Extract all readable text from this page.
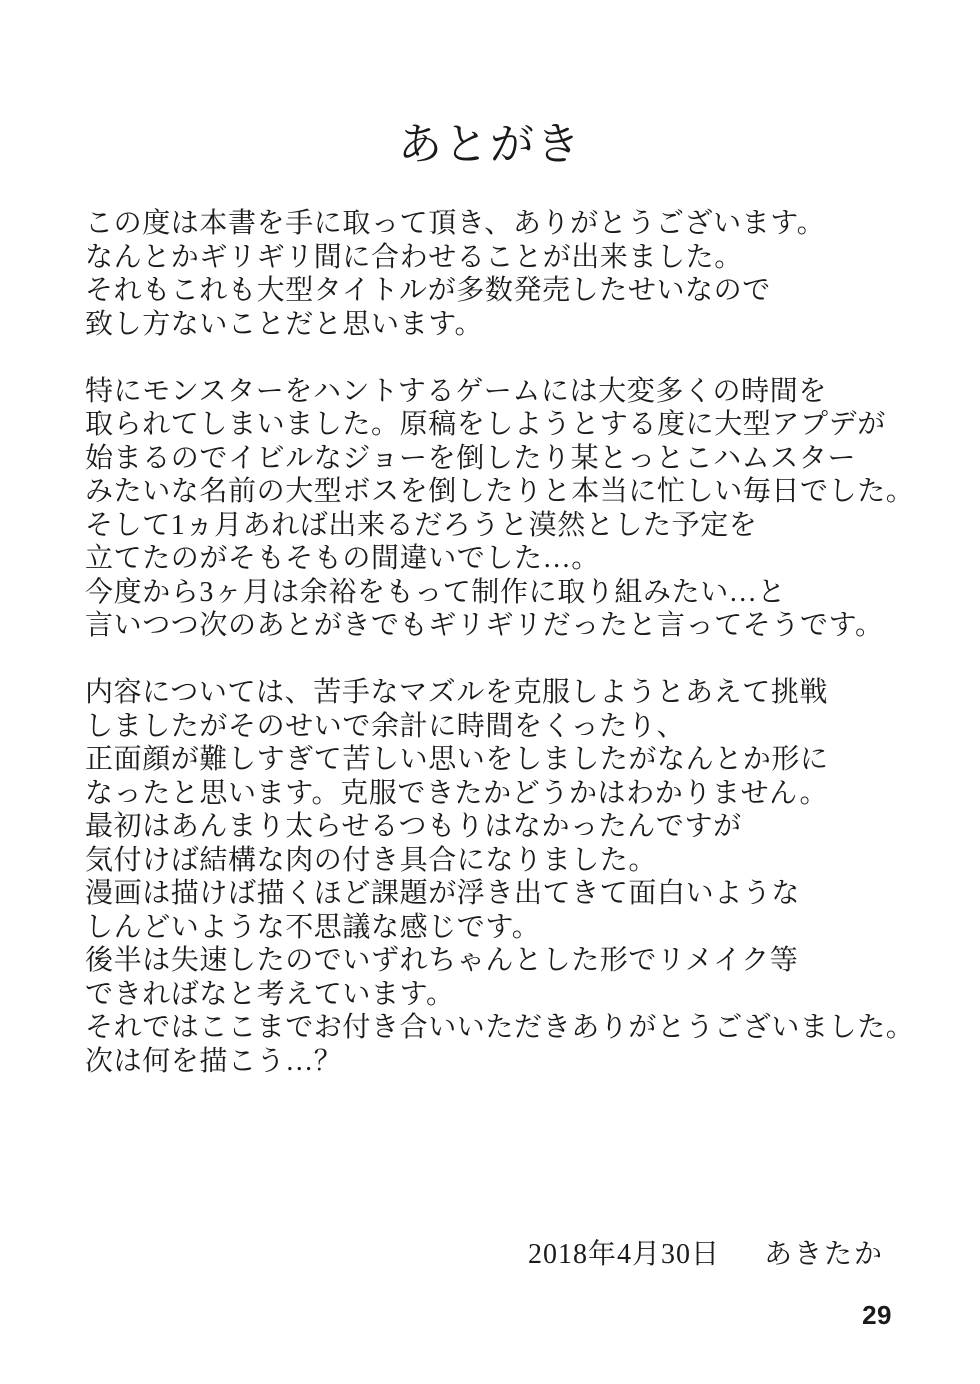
あとがき
この度は本書を手に取って頂き、ありがとうございます。
なんとかギリギリ間に合わせることが出来ました。
それもこれも大型タイトルが多数発売したせいなので
致し方ないことだと思います。
特にモンスターをハントするゲームには大変多くの時間を
取られてしまいました。原稿をしようとする度に大型アプデが
始まるのでイビルなジョーを倒したり某とっとこハムスター
みたいな名前の大型ボスを倒したりと本当に忙しい毎日でした。
そして1ヵ月あれば出来るだろうと漠然とした予定を
立てたのがそもそもの間違いでした…。
今度から3ヶ月は余裕をもって制作に取り組みたい…と
言いつつ次のあとがきでもギリギリだったと言ってそうです。
内容については、苦手なマズルを克服しようとあえて挑戦
しましたがそのせいで余計に時間をくったり、
正面顔が難しすぎて苦しい思いをしましたがなんとか形に
なったと思います。克服できたかどうかはわかりません。
最初はあんまり太らせるつもりはなかったんですが
気付けば結構な肉の付き具合になりました。
漫画は描けば描くほど課題が浮き出てきて面白いような
しんどいような不思議な感じです。
後半は失速したのでいずれちゃんとした形でリメイク等
できればなと考えています。
それではここまでお付き合いいただきありがとうございました。
次は何を描こう…？
2018年4月30日 あきたか
29
